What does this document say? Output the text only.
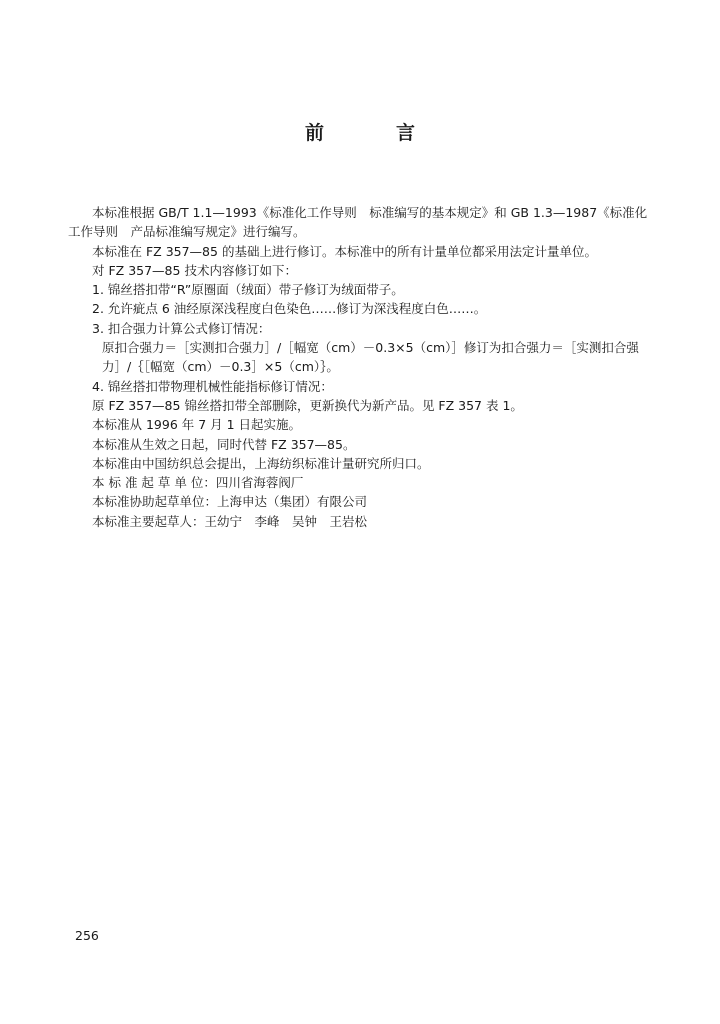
前	言
本标准根据 GB/T 1.1—1993《标准化工作导则　标准编写的基本规定》和 GB 1.3—1987《标准化
工作导则　产品标准编写规定》进行编写。
本标准在 FZ 357—85 的基础上进行修订。本标准中的所有计量单位都采用法定计量单位。
对 FZ 357—85 技术内容修订如下：
1. 锦丝搭扣带“R”原圈面（绒面）带子修订为绒面带子。
2. 允许疵点 6 油经原深浅程度白色染色……修订为深浅程度白色……。
3. 扣合强力计算公式修订情况：
原扣合强力＝［实测扣合强力］/［幅宽（cm）－0.3×5（cm）］修订为扣合强力＝［实测扣合强
力］/｛［幅宽（cm）－0.3］×5（cm）｝。
4. 锦丝搭扣带物理机械性能指标修订情况：
原 FZ 357—85 锦丝搭扣带全部删除，更新换代为新产品。见 FZ 357 表 1。
本标准从 1996 年 7 月 1 日起实施。
本标准从生效之日起，同时代替 FZ 357—85。
本标准由中国纺织总会提出，上海纺织标准计量研究所归口。
本 标 准 起 草 单 位：四川省海蓉阀厂
本标准协助起草单位：上海申达（集团）有限公司
本标准主要起草人：王幼宁　李峰　吴钟　王岩松
256
